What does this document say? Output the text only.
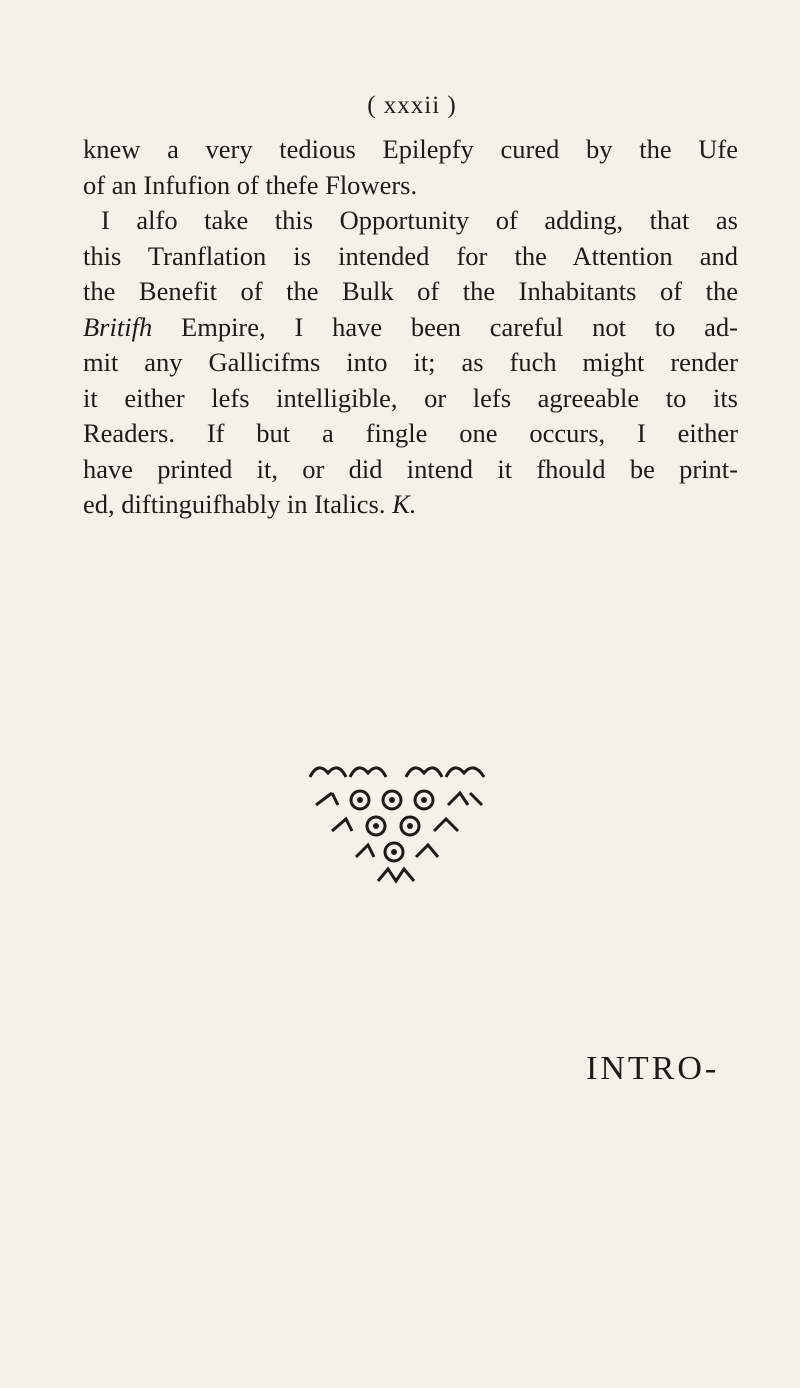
( xxxii )
knew a very tedious Epilepfy cured by the Ufe
of an Infufion of thefe Flowers.
I alfo take this Opportunity of adding, that as
this Tranflation is intended for the Attention and
the Benefit of the Bulk of the Inhabitants of the
Britifh Empire, I have been careful not to ad-
mit any Gallicifms into it; as fuch might render
it either lefs intelligible, or lefs agreeable to its
Readers. If but a fingle one occurs, I either
have printed it, or did intend it fhould be print-
ed, diftinguifhably in Italics. K.
INTRO-
